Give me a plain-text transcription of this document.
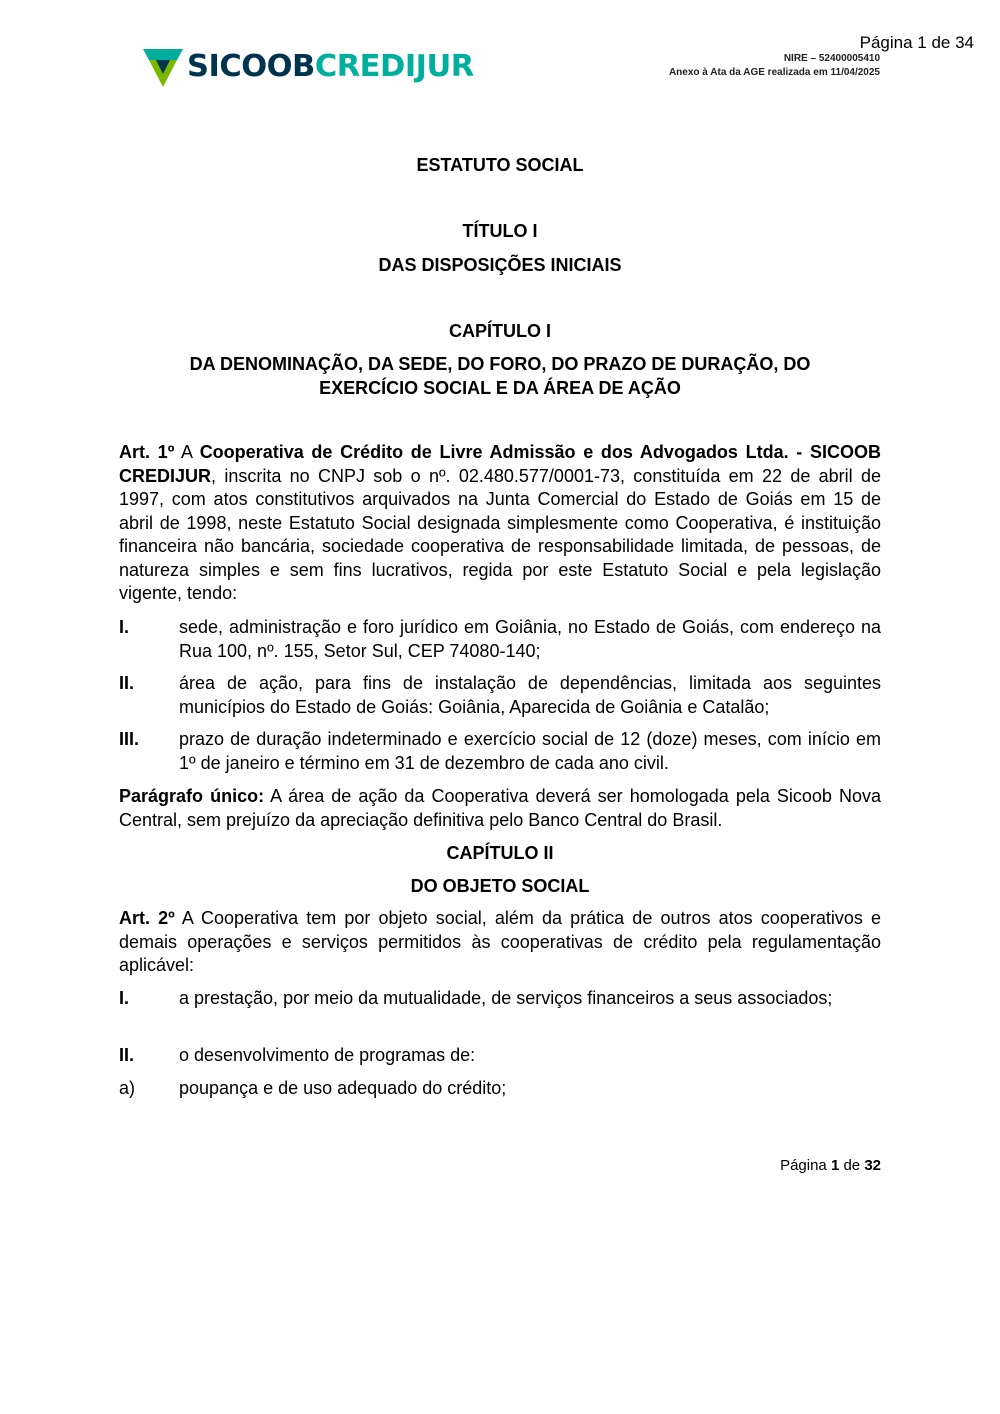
Página 1 de 34
SICOOBCREDIJUR	NIRE – 52400005410
Anexo à Ata da AGE realizada em 11/04/2025
ESTATUTO SOCIAL
TÍTULO I
DAS DISPOSIÇÕES INICIAIS
CAPÍTULO I
DA DENOMINAÇÃO, DA SEDE, DO FORO, DO PRAZO DE DURAÇÃO, DO
EXERCÍCIO SOCIAL E DA ÁREA DE AÇÃO
Art. 1º A Cooperativa de Crédito de Livre Admissão e dos Advogados Ltda. - SICOOB CREDIJUR, inscrita no CNPJ sob o nº. 02.480.577/0001-73, constituída em 22 de abril de 1997, com atos constitutivos arquivados na Junta Comercial do Estado de Goiás em 15 de abril de 1998, neste Estatuto Social designada simplesmente como Cooperativa, é instituição financeira não bancária, sociedade cooperativa de responsabilidade limitada, de pessoas, de natureza simples e sem fins lucrativos, regida por este Estatuto Social e pela legislação vigente, tendo:
I.	sede, administração e foro jurídico em Goiânia, no Estado de Goiás, com endereço na Rua 100, nº. 155, Setor Sul, CEP 74080-140;
II.	área de ação, para fins de instalação de dependências, limitada aos seguintes municípios do Estado de Goiás: Goiânia, Aparecida de Goiânia e Catalão;
III.	prazo de duração indeterminado e exercício social de 12 (doze) meses, com início em 1º de janeiro e término em 31 de dezembro de cada ano civil.
Parágrafo único: A área de ação da Cooperativa deverá ser homologada pela Sicoob Nova Central, sem prejuízo da apreciação definitiva pelo Banco Central do Brasil.
CAPÍTULO II
DO OBJETO SOCIAL
Art. 2º A Cooperativa tem por objeto social, além da prática de outros atos cooperativos e demais operações e serviços permitidos às cooperativas de crédito pela regulamentação aplicável:
I.	a prestação, por meio da mutualidade, de serviços financeiros a seus associados;
II.	o desenvolvimento de programas de:
a)	poupança e de uso adequado do crédito;
Página 1 de 32
